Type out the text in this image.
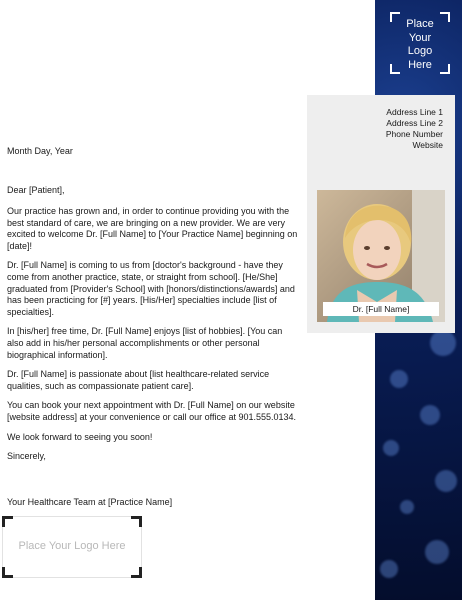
Place
Your
Logo
Here
Address Line 1
Address Line 2
Phone Number
Website
Dr. [Full Name]
Month Day, Year
Dear [Patient],

Our practice has grown and, in order to continue providing you with the best standard of care, we are bringing on a new provider. We are very excited to welcome Dr. [Full Name] to [Your Practice Name] beginning on [date]!

Dr. [Full Name] is coming to us from [doctor's background - have they come from another practice, state, or straight from school]. [He/She] graduated from [Provider's School] with [honors/distinctions/awards] and has been practicing for [#] years. [His/Her] specialties include [list of specialties].

In [his/her] free time, Dr. [Full Name] enjoys [list of hobbies]. [You can also add in his/her personal accomplishments or other personal biographical information].

Dr. [Full Name] is passionate about [list healthcare-related service qualities, such as compassionate patient care].

You can book your next appointment with Dr. [Full Name] on our website [website address] at your convenience or call our office at 901.555.0134.

We look forward to seeing you soon!

Sincerely,

Your Healthcare Team at [Practice Name]
Place Your Logo Here
